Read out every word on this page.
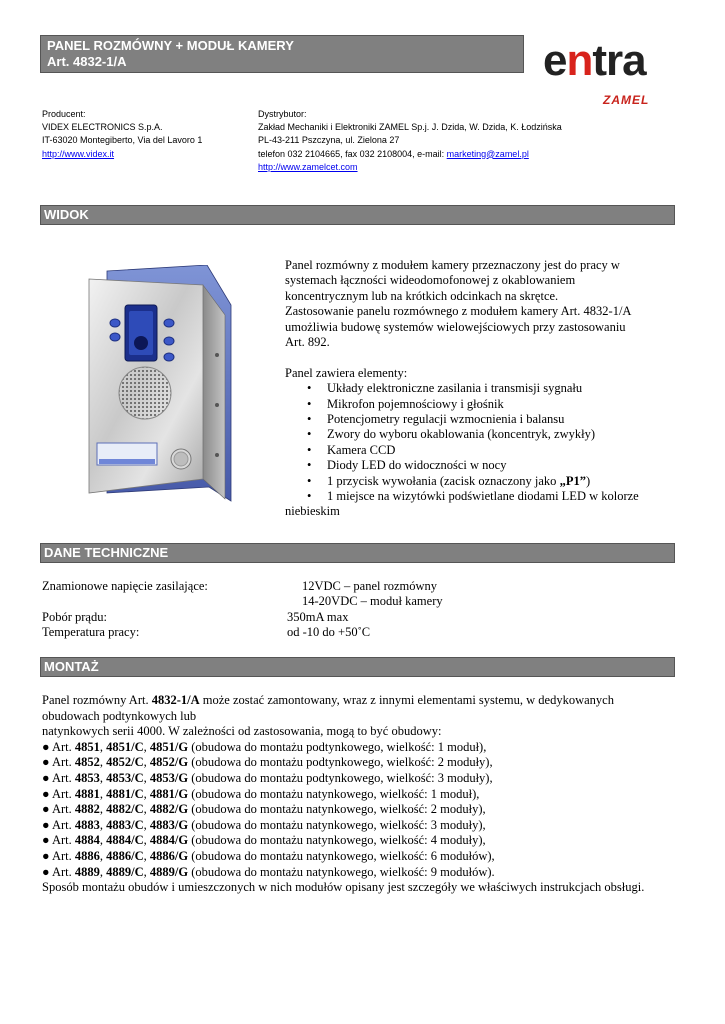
PANEL ROZMÓWNY + MODUŁ KAMERY
Art. 4832-1/A	entra
ZAMEL
Producent:
VIDEX ELECTRONICS S.p.A.
IT-63020 Montegiberto, Via del Lavoro 1
http://www.videx.it
Dystrybutor:
Zakład Mechaniki i Elektroniki ZAMEL Sp.j. J. Dzida, W. Dzida, K. Łodzińska
PL-43-211 Pszczyna, ul. Zielona 27
telefon 032 2104665, fax 032 2108004, e-mail: marketing@zamel.pl
http://www.zamelcet.com
WIDOK
Panel rozmówny z modułem kamery przeznaczony jest do pracy w
systemach łączności wideodomofonowej z okablowaniem
koncentrycznym lub na krótkich odcinkach na skrętce.
Zastosowanie panelu rozmównego z modułem kamery Art. 4832-1/A
umożliwia budowę systemów wielowejściowych przy zastosowaniu
Art. 892.
Panel zawiera elementy:
• Układy elektroniczne zasilania i transmisji sygnału
• Mikrofon pojemnościowy i głośnik
• Potencjometry regulacji wzmocnienia i balansu
• Zwory do wyboru okablowania (koncentryk, zwykły)
• Kamera CCD
• Diody LED do widoczności w nocy
• 1 przycisk wywołania (zacisk oznaczony jako „P1”)
• 1 miejsce na wizytówki podświetlane diodami LED w kolorze niebieskim
DANE TECHNICZNE
Znamionowe napięcie zasilające:	12VDC – panel rozmówny
14-20VDC – moduł kamery
Pobór prądu:	350mA max
Temperatura pracy:	od -10 do +50˚C
MONTAŻ
Panel rozmówny Art. 4832-1/A może zostać zamontowany, wraz z innymi elementami systemu, w dedykowanych
obudowach podtynkowych lub
natynkowych serii 4000. W zależności od zastosowania, mogą to być obudowy:
● Art. 4851, 4851/C, 4851/G (obudowa do montażu podtynkowego, wielkość: 1 moduł),
● Art. 4852, 4852/C, 4852/G (obudowa do montażu podtynkowego, wielkość: 2 moduły),
● Art. 4853, 4853/C, 4853/G (obudowa do montażu podtynkowego, wielkość: 3 moduły),
● Art. 4881, 4881/C, 4881/G (obudowa do montażu natynkowego, wielkość: 1 moduł),
● Art. 4882, 4882/C, 4882/G (obudowa do montażu natynkowego, wielkość: 2 moduły),
● Art. 4883, 4883/C, 4883/G (obudowa do montażu natynkowego, wielkość: 3 moduły),
● Art. 4884, 4884/C, 4884/G (obudowa do montażu natynkowego, wielkość: 4 moduły),
● Art. 4886, 4886/C, 4886/G (obudowa do montażu natynkowego, wielkość: 6 modułów),
● Art. 4889, 4889/C, 4889/G (obudowa do montażu natynkowego, wielkość: 9 modułów).
Sposób montażu obudów i umieszczonych w nich modułów opisany jest szczegóły we właściwych instrukcjach obsługi.
